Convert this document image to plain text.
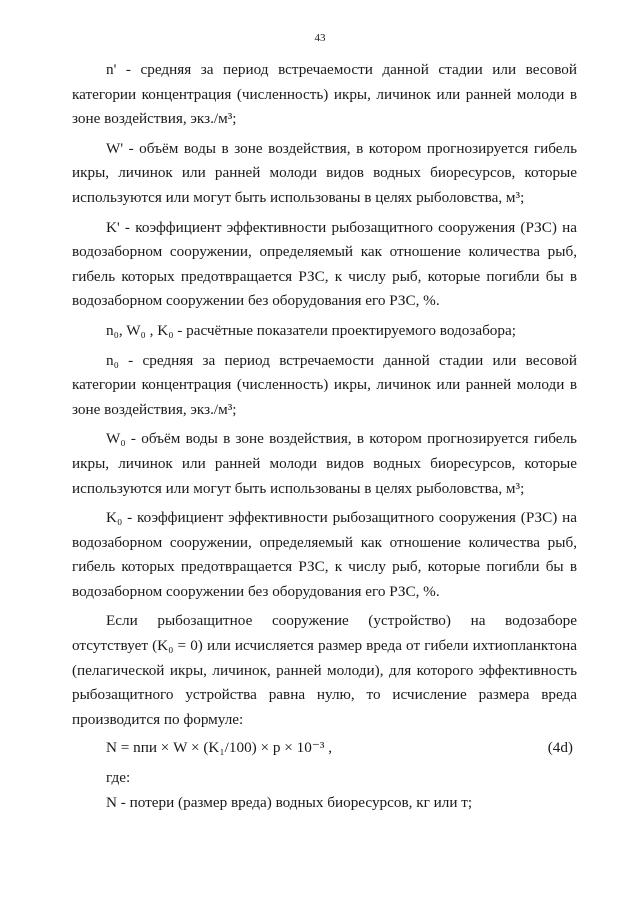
43

n' - средняя за период встречаемости данной стадии или весовой категории концентрация (численность) икры, личинок или ранней молоди в зоне воздействия, экз./м³;

W' - объём воды в зоне воздействия, в котором прогнозируется гибель икры, личинок или ранней молоди видов водных биоресурсов, которые используются или могут быть использованы в целях рыболовства, м³;

K' - коэффициент эффективности рыбозащитного сооружения (РЗС) на водозаборном сооружении, определяемый как отношение количества рыб, гибель которых предотвращается РЗС, к числу рыб, которые погибли бы в водозаборном сооружении без оборудования его РЗС, %.

n₀, W₀ , K₀ - расчётные показатели проектируемого водозабора;

n₀ - средняя за период встречаемости данной стадии или весовой категории концентрация (численность) икры, личинок или ранней молоди в зоне воздействия, экз./м³;

W₀ - объём воды в зоне воздействия, в котором прогнозируется гибель икры, личинок или ранней молоди видов водных биоресурсов, которые используются или могут быть использованы в целях рыболовства, м³;

K₀ - коэффициент эффективности рыбозащитного сооружения (РЗС) на водозаборном сооружении, определяемый как отношение количества рыб, гибель которых предотвращается РЗС, к числу рыб, которые погибли бы в водозаборном сооружении без оборудования его РЗС, %.

Если рыбозащитное сооружение (устройство) на водозаборе отсутствует (K₀ = 0) или исчисляется размер вреда от гибели ихтиопланктона (пелагической икры, личинок, ранней молоди), для которого эффективность рыбозащитного устройства равна нулю, то исчисление размера вреда производится по формуле:

N = nпи × W × (K₁/100) × p × 10⁻³ ,	(4d)
где:

N - потери (размер вреда) водных биоресурсов, кг или т;
